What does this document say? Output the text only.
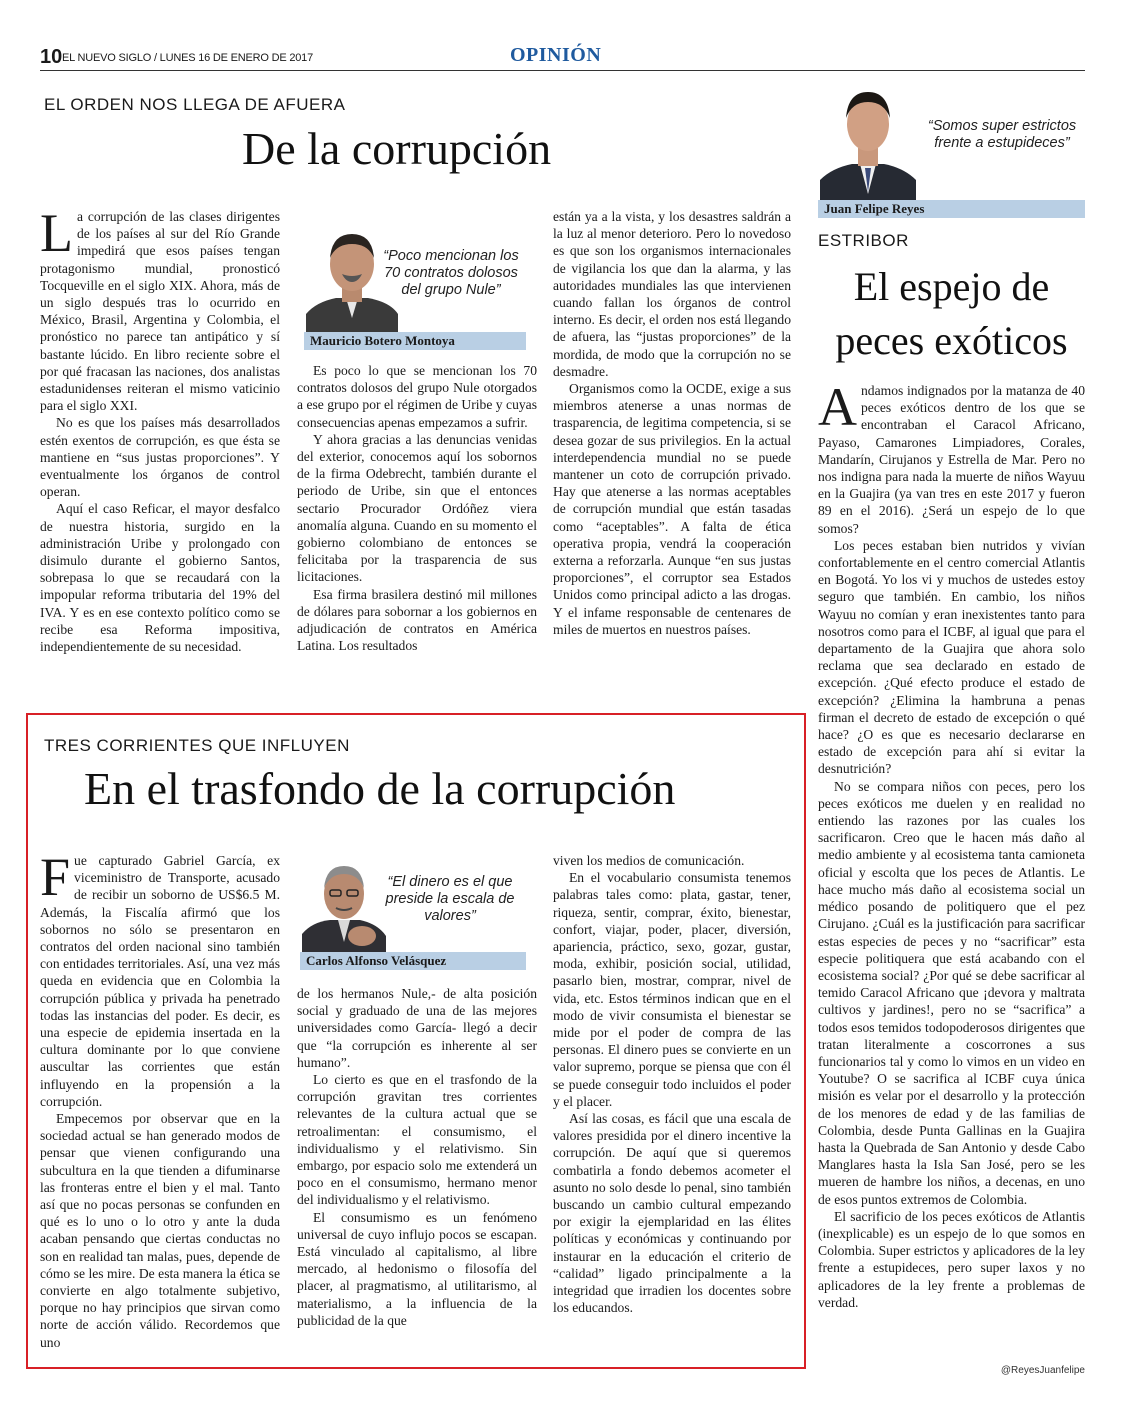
10 EL NUEVO SIGLO / LUNES 16 DE ENERO DE 2017	OPINIÓN
EL ORDEN NOS LLEGA DE AFUERA
De la corrupción
L a corrupción de las clases dirigentes de los países al sur del Río Grande impedirá que esos países tengan protagonismo mundial, pronosticó Tocqueville en el siglo XIX. Ahora, más de un siglo después tras lo ocurrido en México, Brasil, Argentina y Colombia, el pronóstico no parece tan antipático y sí bastante lúcido. En libro reciente sobre el por qué fracasan las naciones, dos analistas estadunidenses reiteran el mismo vaticinio para el siglo XXI.

No es que los países más desarrollados estén exentos de corrupción, es que ésta se mantiene en “sus justas proporciones”. Y eventualmente los órganos de control operan.

Aquí el caso Reficar, el mayor desfalco de nuestra historia, surgido en la administración Uribe y prolongado con disimulo durante el gobierno Santos, sobrepasa lo que se recaudará con la impopular reforma tributaria del 19% del IVA. Y es en ese contexto político como se recibe esa Reforma impositiva, independientemente de su necesidad.

“Poco mencionan los 70 contratos dolosos del grupo Nule”
Mauricio Botero Montoya

Es poco lo que se mencionan los 70 contratos dolosos del grupo Nule otorgados a ese grupo por el régimen de Uribe y cuyas consecuencias apenas empezamos a sufrir.

Y ahora gracias a las denuncias venidas del exterior, conocemos aquí los sobornos de la firma Odebrecht, también durante el periodo de Uribe, sin que el entonces sectario Procurador Ordóñez viera anomalía alguna. Cuando en su momento el gobierno colombiano de entonces se felicitaba por la trasparencia de sus licitaciones.

Esa firma brasilera destinó mil millones de dólares para sobornar a los gobiernos en adjudicación de contratos en América Latina. Los resultados

están ya a la vista, y los desastres saldrán a la luz al menor deterioro. Pero lo novedoso es que son los organismos internacionales de vigilancia los que dan la alarma, y las autoridades mundiales las que intervienen cuando fallan los órganos de control interno. Es decir, el orden nos está llegando de afuera, las “justas proporciones” de la mordida, de modo que la corrupción no se desmadre.

Organismos como la OCDE, exige a sus miembros atenerse a unas normas de trasparencia, de legitima competencia, si se desea gozar de sus privilegios. En la actual interdependencia mundial no se puede mantener un coto de corrupción privado. Hay que atenerse a las normas aceptables de corrupción mundial que están tasadas como “aceptables”. A falta de ética operativa propia, vendrá la cooperación externa a reforzarla. Aunque “en sus justas proporciones”, el corruptor sea Estados Unidos como principal adicto a las drogas. Y el infame responsable de centenares de miles de muertos en nuestros países.

TRES CORRIENTES QUE INFLUYEN
En el trasfondo de la corrupción
F ue capturado Gabriel García, ex viceministro de Transporte, acusado de recibir un soborno de US$6.5 M. Además, la Fiscalía afirmó que los sobornos no sólo se presentaron en contratos del orden nacional sino también con entidades territoriales. Así, una vez más queda en evidencia que en Colombia la corrupción pública y privada ha penetrado todas las instancias del poder. Es decir, es una especie de epidemia insertada en la cultura dominante por lo que conviene auscultar las corrientes que están influyendo en la propensión a la corrupción.

Empecemos por observar que en la sociedad actual se han generado modos de pensar que vienen configurando una subcultura en la que tienden a difuminarse las fronteras entre el bien y el mal. Tanto así que no pocas personas se confunden en qué es lo uno o lo otro y ante la duda acaban pensando que ciertas conductas no son en realidad tan malas, pues, depende de cómo se les mire. De esta manera la ética se convierte en algo totalmente subjetivo, porque no hay principios que sirvan como norte de acción válido. Recordemos que uno

“El dinero es el que preside la escala de valores”
Carlos Alfonso Velásquez

de los hermanos Nule,- de alta posición social y graduado de una de las mejores universidades como García- llegó a decir que “la corrupción es inherente al ser humano”.

Lo cierto es que en el trasfondo de la corrupción gravitan tres corrientes relevantes de la cultura actual que se retroalimentan: el consumismo, el individualismo y el relativismo. Sin embargo, por espacio solo me extenderá un poco en el consumismo, hermano menor del individualismo y el relativismo.

El consumismo es un fenómeno universal de cuyo influjo pocos se escapan. Está vinculado al capitalismo, al libre mercado, al hedonismo o filosofía del placer, al pragmatismo, al utilitarismo, al materialismo, a la influencia de la publicidad de la que

viven los medios de comunicación.

En el vocabulario consumista tenemos palabras tales como: plata, gastar, tener, riqueza, sentir, comprar, éxito, bienestar, confort, viajar, poder, placer, diversión, apariencia, práctico, sexo, gozar, gustar, moda, exhibir, posición social, utilidad, pasarlo bien, mostrar, comprar, nivel de vida, etc. Estos términos indican que en el modo de vivir consumista el bienestar se mide por el poder de compra de las personas. El dinero pues se convierte en un valor supremo, porque se piensa que con él se puede conseguir todo incluidos el poder y el placer.

Así las cosas, es fácil que una escala de valores presidida por el dinero incentive la corrupción. De aquí que si queremos combatirla a fondo debemos acometer el asunto no solo desde lo penal, sino también buscando un cambio cultural empezando por exigir la ejemplaridad en las élites políticas y económicas y continuando por instaurar en la educación el criterio de “calidad” ligado principalmente a la integridad que irradien los docentes sobre los educandos.

“Somos super estrictos frente a estupideces”
Juan Felipe Reyes
ESTRIBOR
El espejo de peces exóticos
A ndamos indignados por la matanza de 40 peces exóticos dentro de los que se encontraban el Caracol Africano, Payaso, Camarones Limpiadores, Corales, Mandarín, Cirujanos y Estrella de Mar. Pero no nos indigna para nada la muerte de niños Wayuu en la Guajira (ya van tres en este 2017 y fueron 89 en el 2016). ¿Será un espejo de lo que somos?

Los peces estaban bien nutridos y vivían confortablemente en el centro comercial Atlantis en Bogotá. Yo los vi y muchos de ustedes estoy seguro que también. En cambio, los niños Wayuu no comían y eran inexistentes tanto para nosotros como para el ICBF, al igual que para el departamento de la Guajira que ahora solo reclama que sea declarado en estado de excepción. ¿Qué efecto produce el estado de excepción? ¿Elimina la hambruna a penas firman el decreto de estado de excepción o qué hace? ¿O es que es necesario declararse en estado de excepción para ahí si evitar la desnutrición?

No se compara niños con peces, pero los peces exóticos me duelen y en realidad no entiendo las razones por las cuales los sacrificaron. Creo que le hacen más daño al medio ambiente y al ecosistema tanta camioneta oficial y escolta que los peces de Atlantis. Le hace mucho más daño al ecosistema social un médico posando de politiquero que el pez Cirujano. ¿Cuál es la justificación para sacrificar estas especies de peces y no “sacrificar” esta especie politiquera que está acabando con el ecosistema social? ¿Por qué se debe sacrificar al temido Caracol Africano que ¡devora y maltrata cultivos y jardines!, pero no se “sacrifica” a todos esos temidos todopoderosos dirigentes que tratan literalmente a coscorrones a sus funcionarios tal y como lo vimos en un video en Youtube? O se sacrifica al ICBF cuya única misión es velar por el desarrollo y la protección de los menores de edad y de las familias de Colombia, desde Punta Gallinas en la Guajira hasta la Quebrada de San Antonio y desde Cabo Manglares hasta la Isla San José, pero se les mueren de hambre los niños, a decenas, en uno de esos puntos extremos de Colombia.

El sacrificio de los peces exóticos de Atlantis (inexplicable) es un espejo de lo que somos en Colombia. Super estrictos y aplicadores de la ley frente a estupideces, pero super laxos y no aplicadores de la ley frente a problemas de verdad.

@ReyesJuanfelipe
